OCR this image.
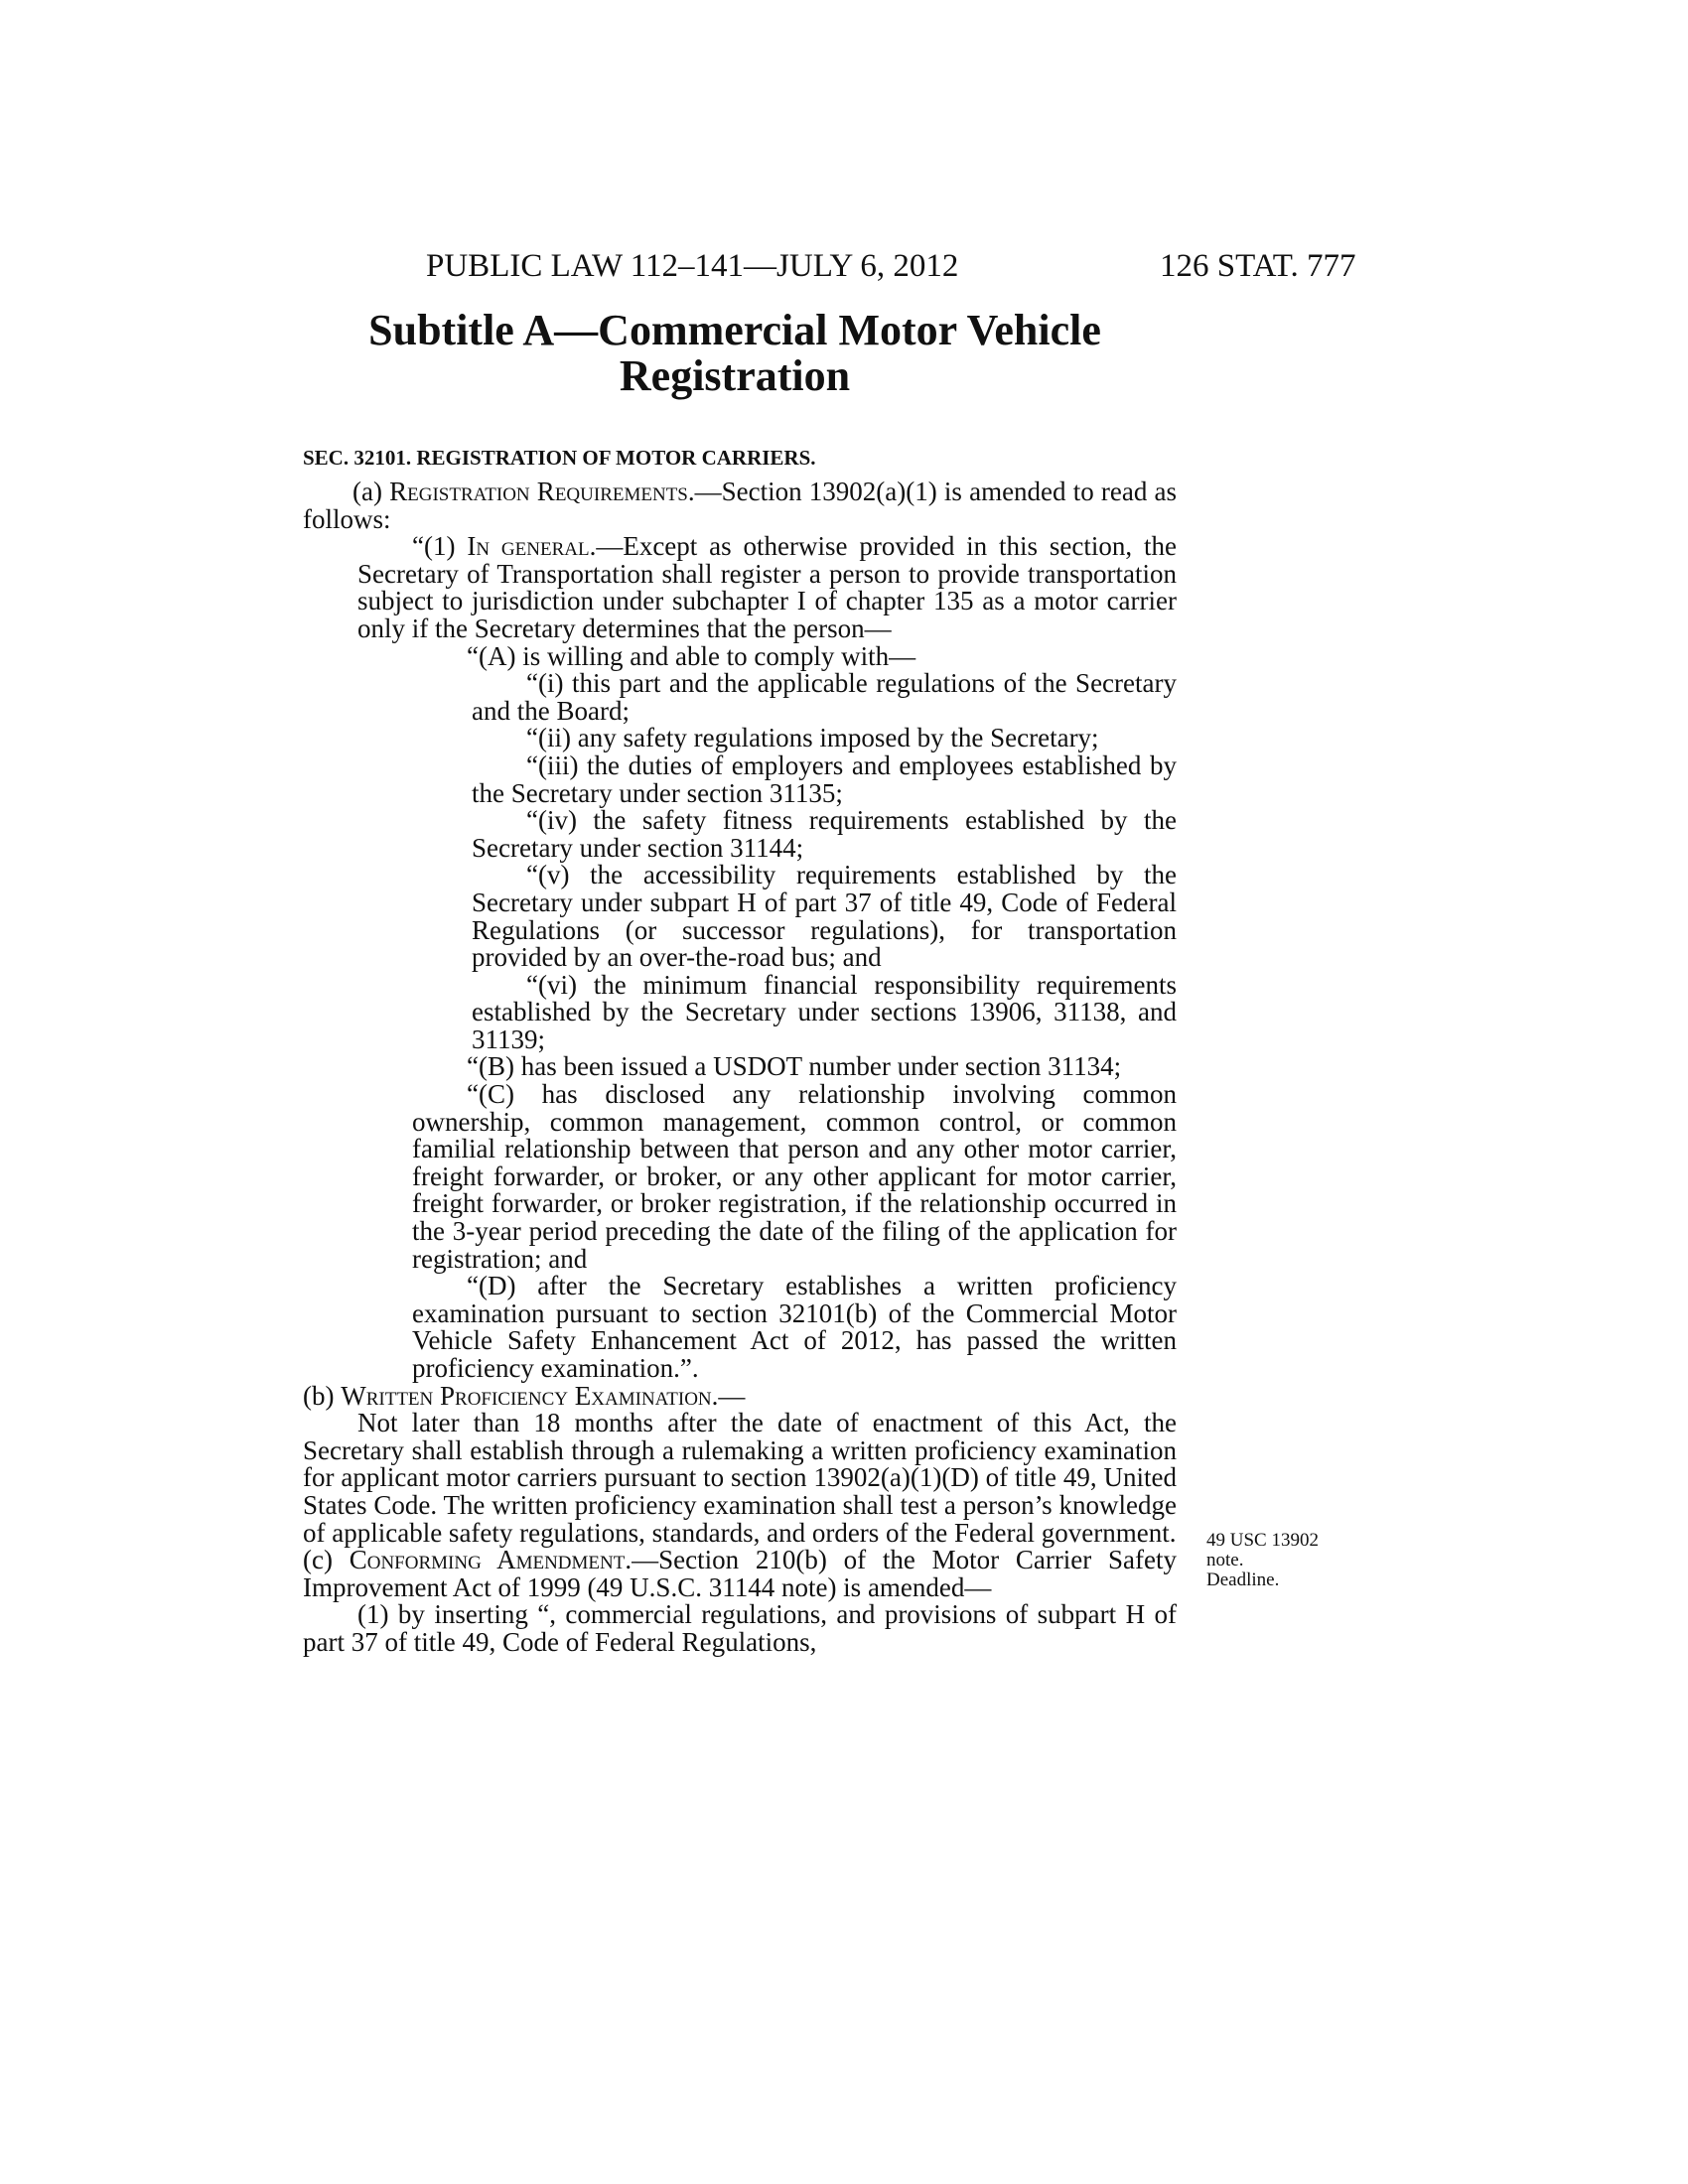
PUBLIC LAW 112–141—JULY 6, 2012	126 STAT. 777
Subtitle A—Commercial Motor Vehicle
Registration
SEC. 32101. REGISTRATION OF MOTOR CARRIERS.

(a) Registration Requirements.—Section 13902(a)(1) is amended to read as follows:

“(1) In general.—Except as otherwise provided in this section, the Secretary of Transportation shall register a person to provide transportation subject to jurisdiction under subchapter I of chapter 135 as a motor carrier only if the Secretary determines that the person—

“(A) is willing and able to comply with—

“(i) this part and the applicable regulations of the Secretary and the Board;

“(ii) any safety regulations imposed by the Secretary;

“(iii) the duties of employers and employees established by the Secretary under section 31135;

“(iv) the safety fitness requirements established by the Secretary under section 31144;

“(v) the accessibility requirements established by the Secretary under subpart H of part 37 of title 49, Code of Federal Regulations (or successor regulations), for transportation provided by an over-the-road bus; and

“(vi) the minimum financial responsibility requirements established by the Secretary under sections 13906, 31138, and 31139;

“(B) has been issued a USDOT number under section 31134;

“(C) has disclosed any relationship involving common ownership, common management, common control, or common familial relationship between that person and any other motor carrier, freight forwarder, or broker, or any other applicant for motor carrier, freight forwarder, or broker registration, if the relationship occurred in the 3-year period preceding the date of the filing of the application for registration; and

“(D) after the Secretary establishes a written proficiency examination pursuant to section 32101(b) of the Commercial Motor Vehicle Safety Enhancement Act of 2012, has passed the written proficiency examination.”.

(b) Written Proficiency Examination.—

Not later than 18 months after the date of enactment of this Act, the Secretary shall establish through a rulemaking a written proficiency examination for applicant motor carriers pursuant to section 13902(a)(1)(D) of title 49, United States Code. The written proficiency examination shall test a person’s knowledge of applicable safety regulations, standards, and orders of the Federal government.

(c) Conforming Amendment.—Section 210(b) of the Motor Carrier Safety Improvement Act of 1999 (49 U.S.C. 31144 note) is amended—

(1) by inserting “, commercial regulations, and provisions of subpart H of part 37 of title 49, Code of Federal Regulations,

49 USC 13902
note.
Deadline.
